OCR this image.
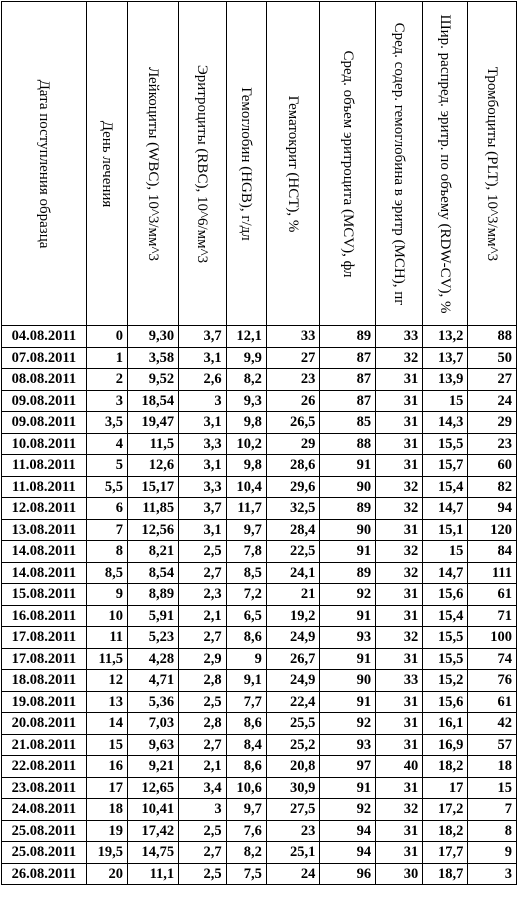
Дата поступления образца	День лечения	Лейкоциты (WBC), 10^3/мм^3	Эритроциты (RBC), 10^6/мм^3	Гемоглобин (HGB), г/дл	Гематокрит (HCT), %	Сред. объем эритроцита (MCV), фл	Сред. содер. гемоглобина в эритр (MCH), пг	Шир. распред. эритр. по объему (RDW-CV), %	Тромбоциты (PLT), 10^3/мм^3

04.08.2011	0	9,30	3,7	12,1	33	89	33	13,2	88
07.08.2011	1	3,58	3,1	9,9	27	87	32	13,7	50
08.08.2011	2	9,52	2,6	8,2	23	87	31	13,9	27
09.08.2011	3	18,54	3	9,3	26	87	31	15	24
09.08.2011	3,5	19,47	3,1	9,8	26,5	85	31	14,3	29
10.08.2011	4	11,5	3,3	10,2	29	88	31	15,5	23
11.08.2011	5	12,6	3,1	9,8	28,6	91	31	15,7	60
11.08.2011	5,5	15,17	3,3	10,4	29,6	90	32	15,4	82
12.08.2011	6	11,85	3,7	11,7	32,5	89	32	14,7	94
13.08.2011	7	12,56	3,1	9,7	28,4	90	31	15,1	120
14.08.2011	8	8,21	2,5	7,8	22,5	91	32	15	84
14.08.2011	8,5	8,54	2,7	8,5	24,1	89	32	14,7	111
15.08.2011	9	8,89	2,3	7,2	21	92	31	15,6	61
16.08.2011	10	5,91	2,1	6,5	19,2	91	31	15,4	71
17.08.2011	11	5,23	2,7	8,6	24,9	93	32	15,5	100
17.08.2011	11,5	4,28	2,9	9	26,7	91	31	15,5	74
18.08.2011	12	4,71	2,8	9,1	24,9	90	33	15,2	76
19.08.2011	13	5,36	2,5	7,7	22,4	91	31	15,6	61
20.08.2011	14	7,03	2,8	8,6	25,5	92	31	16,1	42
21.08.2011	15	9,63	2,7	8,4	25,2	93	31	16,9	57
22.08.2011	16	9,21	2,1	8,6	20,8	97	40	18,2	18
23.08.2011	17	12,65	3,4	10,6	30,9	91	31	17	15
24.08.2011	18	10,41	3	9,7	27,5	92	32	17,2	7
25.08.2011	19	17,42	2,5	7,6	23	94	31	18,2	8
25.08.2011	19,5	14,75	2,7	8,2	25,1	94	31	17,7	9
26.08.2011	20	11,1	2,5	7,5	24	96	30	18,7	3
